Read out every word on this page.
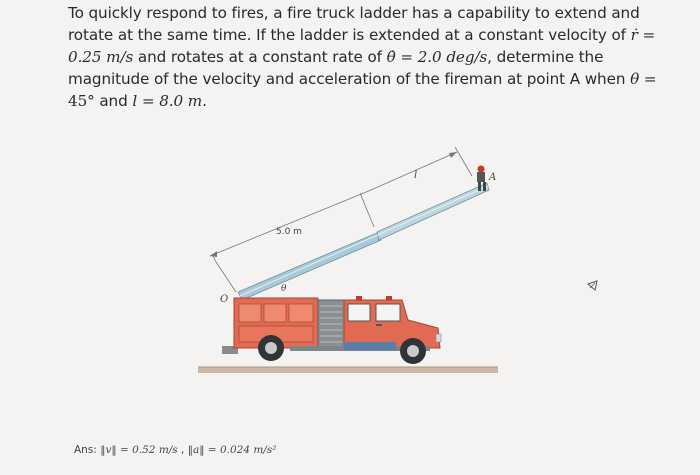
To quickly respond to fires, a fire truck ladder has a capability to extend and
rotate at the same time. If the ladder is extended at a constant velocity of ṙ =
0.25 m/s and rotates at a constant rate of θ̇ = 2.0 deg/s, determine the
magnitude of the velocity and acceleration of the fireman at point A when θ =
45° and l = 8.0 m.
O
θ
5.0 m
l	A
Ans: ‖v‖ = 0.52 m/s , ‖a‖ = 0.024 m/s²
